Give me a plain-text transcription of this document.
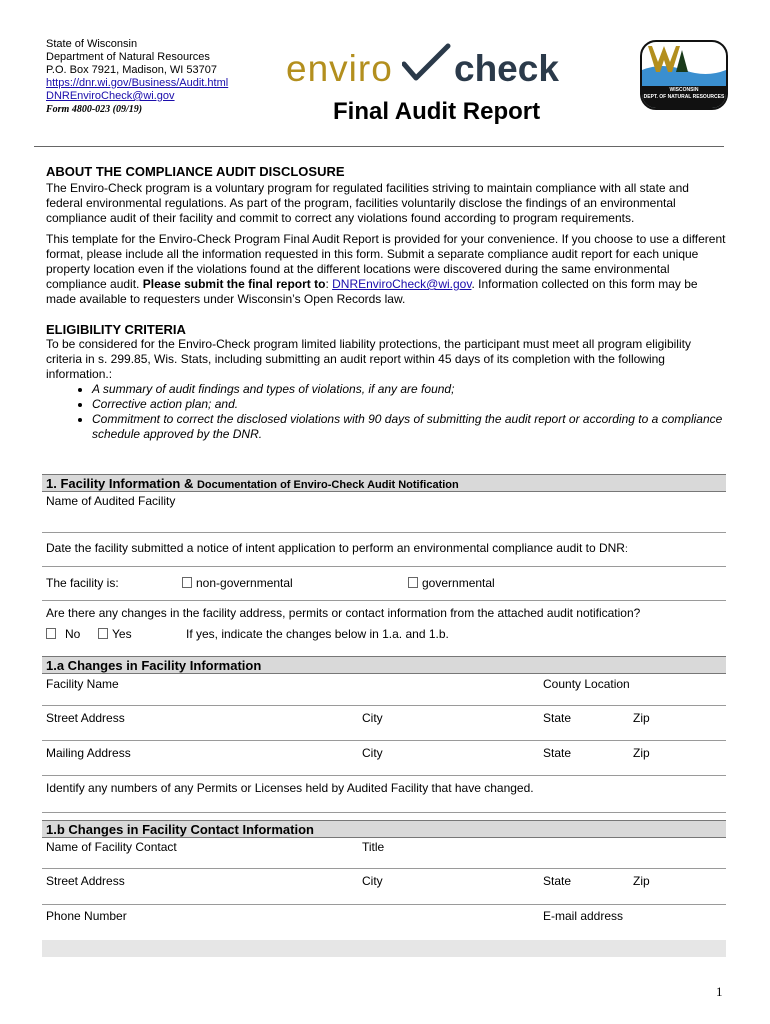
State of Wisconsin
Department of Natural Resources
P.O. Box 7921, Madison, WI 53707
https://dnr.wi.gov/Business/Audit.html
DNREnviroCheck@wi.gov
Form 4800-023 (09/19)
enviro check
Final Audit Report
WISCONSIN
DEPT. OF NATURAL RESOURCES
ABOUT THE COMPLIANCE AUDIT DISCLOSURE
The Enviro-Check program is a voluntary program for regulated facilities striving to maintain compliance with all state and federal environmental regulations. As part of the program, facilities voluntarily disclose the findings of an environmental compliance audit of their facility and commit to correct any violations found according to program requirements.
This template for the Enviro-Check Program Final Audit Report is provided for your convenience. If you choose to use a different format, please include all the information requested in this form. Submit a separate compliance audit report for each unique property location even if the violations found at the different locations were discovered during the same environmental compliance audit. Please submit the final report to: DNREnviroCheck@wi.gov. Information collected on this form may be made available to requesters under Wisconsin’s Open Records law.
ELIGIBILITY CRITERIA
To be considered for the Enviro-Check program limited liability protections, the participant must meet all program eligibility criteria in s. 299.85, Wis. Stats, including submitting an audit report within 45 days of its completion with the following information.:
• A summary of audit findings and types of violations, if any are found;
• Corrective action plan; and.
• Commitment to correct the disclosed violations with 90 days of submitting the audit report or according to a compliance schedule approved by the DNR.
1. Facility Information & Documentation of Enviro-Check Audit Notification
Name of Audited Facility
Date the facility submitted a notice of intent application to perform an environmental compliance audit to DNR:
The facility is:	non-governmental	governmental
Are there any changes in the facility address, permits or contact information from the attached audit notification?
No	Yes	If yes, indicate the changes below in 1.a. and 1.b.
1.a Changes in Facility Information
Facility Name	County Location
Street Address	City	State	Zip
Mailing Address	City	State	Zip
Identify any numbers of any Permits or Licenses held by Audited Facility that have changed.
1.b Changes in Facility Contact Information
Name of Facility Contact	Title
Street Address	City	State	Zip
Phone Number	E-mail address
1
